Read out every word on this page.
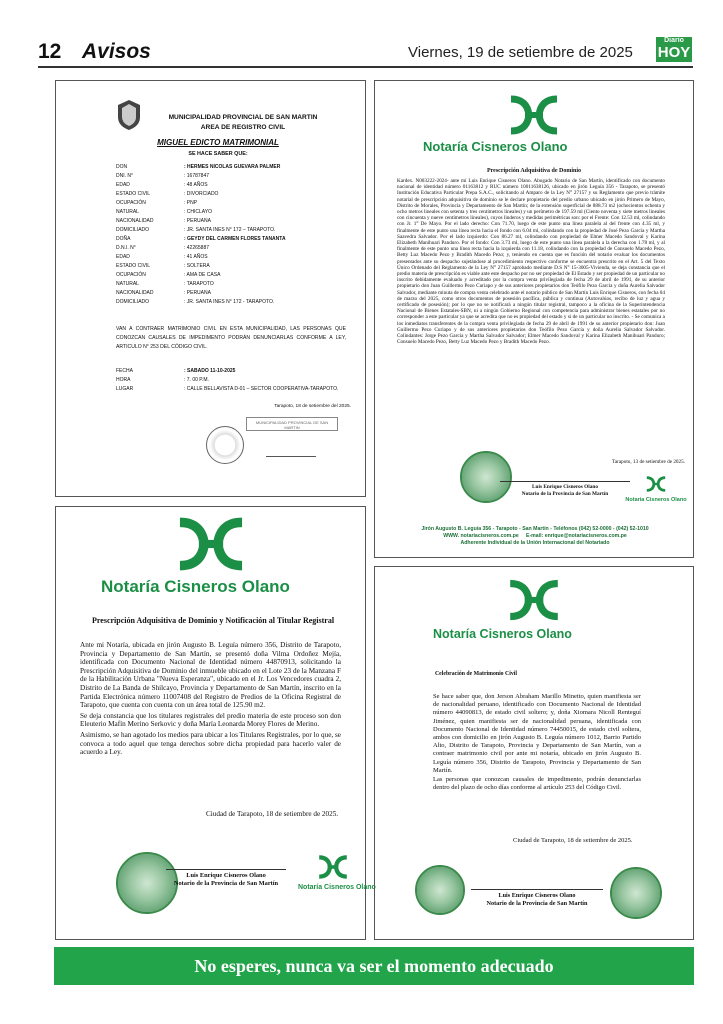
12 Avisos	Viernes, 19 de setiembre de 2025
Diario
HOY
MUNICIPALIDAD PROVINCIAL DE SAN MARTIN
AREA DE REGISTRO CIVIL
MIGUEL EDICTO MATRIMONIAL
SE HACE SABER QUE:
DON	: HERMES NICOLAS GUEVARA PALMER
DNI. N°	: 16787847
EDAD	: 48 AÑOS
ESTADO CIVIL	: DIVORCIADO
OCUPACIÓN	: PNP
NATURAL	: CHICLAYO
NACIONALIDAD	: PERUANA
DOMICILIADO	: JR. SANTA INES N° 172 – TARAPOTO.
DOÑA	: GEYDY DEL CARMEN FLORES TANANTA
D.N.I. N°	: 42265887
EDAD	: 41 AÑOS
ESTADO CIVIL	: SOLTERA
OCUPACIÓN	: AMA DE CASA
NATURAL	: TARAPOTO
NACIONALIDAD	: PERUANA
DOMICILIADO	: JR. SANTA INES N° 172 - TARAPOTO.
VAN A CONTRAER MATRIMONIO CIVIL EN ESTA MUNICIPALIDAD, LAS PERSONAS QUE CONOZCAN CAUSALES DE IMPEDIMENTO PODRÁN DENUNCIARLAS CONFORME A LEY, ARTICULO N° 253 DEL CÓDIGO CIVIL.
FECHA	: SABADO 11-10-2025
HORA	: 7. 00 P.M.
LUGAR	: CALLE BELLAVISTA D-01 – SECTOR COOPERATIVA-TARAPOTO.
Tarapoto, 18 de setiembre del 2025.
MUNICIPALIDAD PROVINCIAL DE SAN MARTIN
Notaría Cisneros Olano
Prescripción Adquisitiva de Dominio
Kardex. N003222-2024- ante mí Luis Enrique Cisneros Olano. Abogado Notario de San Martín, identificado con documento nacional de identidad número 01163812 y RUC número 10011638126, ubicado en jirón Leguía 356 - Tarapoto, se presentó Institución Educativa Particular Prepa S.A.C., solicitando al Amparo de la Ley N° 27157 y su Reglamento que previo trámite notarial de prescripción adquisitiva de dominio se le declare propietario del predio urbano ubicado en jirón Primero de Mayo, Distrito de Morales, Provincia y Departamento de San Martín; de la extensión superficial de 888.73 m2 (ochocientos ochenta y ocho metros lineales con setenta y tres centímetros lineales) y un perímetro de 197.59 ml (Ciento noventa y siete metros lineales con cincuenta y nueve centímetros lineales), cuyos linderos y medidas perimétricas son: por el Frente: Con 12.53 ml, colindando con Jr. 1° De Mayo. Por el lado derecho: Con 71.70, luego de este punto una línea paralela al del frente con 4.35 ml, y finalmente de este punto una línea recta hacia el fondo con 6.04 ml, colindando con la propiedad de José Pezo García y Martha Saavedra Salvador. Por el lado izquierdo: Con 86.27 ml, colindando con propiedad de Elmer Macedo Sandoval y Karina Elizabeth Manihuari Panduro. Por el fondo: Con 3.73 ml, luego de este punto una línea paralela a la derecha con 1.78 ml, y al finalmente de este punto una línea recta hacia la izquierda con 11.18, colindando con la propiedad de Consuelo Macedo Pezo, Betty Luz Macedo Pezo y Bradith Macedo Pezo; y, teniendo en cuenta que es función del notario evaluar los documentos presentados ante su despacho sujetándose al procedimiento respectivo conforme se encuentra prescrito en el Art. 5 del Texto Único Ordenado del Reglamento de la Ley N° 27157 aprobado mediante D.S N° 15-3005-Vivienda, se deja constancia que el predio materia de prescripción es viable ante este despacho por no ser propiedad de El Estado y ser propiedad de un particular no inscrito debidamente evaluado y acreditado por la compra venta privilegiada de fecha 29 de abril de 1991, de su anterior propietario don Juan Guillermo Pezo Curiapo y de sus anteriores propietarios don Teófilo Pezo García y doña Aurelia Salvador Salvador, mediante minuta de compra venta celebrado ante el notario público de San Martín Luis Enrique Cisneros, con fecha 04 de marzo del 2025, como otros documentos de posesión pacífica, pública y continua (Autovalúos, recibo de luz y agua y certificado de posesión); por lo que no se notificará a ningún titular registral, tampoco a la oficina de la Superintendencia Nacional de Bienes Estatales-SBN, ni a ningún Gobierno Regional con competencia para administrar bienes estatales por no corresponder a este particular ya que se acredita que no es propiedad del estado y si de un particular no inscrito. - Se comunica a los inmediatos transferentes de la compra venta privilegiada de fecha 29 de abril de 1991 de su anterior propietario don: Juan Guillermo Pezo Curiapo y de sus anteriores propietarios don Teófilo Pezo García y doña Aurelia Salvador Salvador. Colindantes: Jorge Pezo García y Martha Salvador Salvador; Elmer Macedo Sandoval y Karina Elizabeth Manihuari Panduro; Consuelo Macedo Pezo, Betty Luz Macedo Pezo y Bradith Macedo Pezo.
Tarapoto, 13 de setiembre de 2025.
Luis Enrique Cisneros Olano
Notario de la Provincia de San Martín
Notaría Cisneros Olano
Jirón Augusto B. Leguía 356 - Tarapoto - San Martín - Teléfonos (042) 52-0000 - (042) 52-1010
WWW. notariacisneros.com.pe E-mail: enrique@notariacisneros.com.pe
Adherente Individual de la Unión Internacional del Notariado
Notaría Cisneros Olano
Prescripción Adquisitiva de Dominio y Notificación al Titular Registral
Ante mi Notaría, ubicada en jirón Augusto B. Leguía número 356, Distrito de Tarapoto, Provincia y Departamento de San Martín, se presentó doña Vilma Ordoñez Mejía, identificada con Documento Nacional de Identidad número 44870913, solicitando la Prescripción Adquisitiva de Dominio del inmueble ubicado en el Lote 23 de la Manzana F de la Habilitación Urbana "Nueva Esperanza", ubicado en el Jr. Los Vencedores cuadra 2, Distrito de La Banda de Shilcayo, Provincia y Departamento de San Martín, inscrito en la Partida Electrónica número 11007408 del Registro de Predios de la Oficina Registral de Tarapoto, que cuenta con cuenta con un área total de 125.90 m2.
Se deja constancia que los titulares registrales del predio materia de este proceso son don Eleuterio Mafín Merino Serkovic y doña María Leonarda Morey Flores de Merino.
Asimismo, se han agotado los medios para ubicar a los Titulares Registrales, por lo que, se convoca a todo aquel que tenga derechos sobre dicha propiedad para hacerlo valer de acuerdo a Ley.
Ciudad de Tarapoto, 18 de setiembre de 2025.
Luis Enrique Cisneros Olano
Notario de la Provincia de San Martín
Notaría Cisneros Olano
Notaría Cisneros Olano
Celebración de Matrimonio Civil
Se hace saber que, don Jerson Abraham Marillo Minetto, quien manifiesta ser de nacionalidad peruano, identificado con Documento Nacional de Identidad número 44090813, de estado civil soltero; y, doña Xiomara Nicoll Renteguí Jiménez, quien manifiesta ser de nacionalidad peruana, identificada con Documento Nacional de Identidad número 74450015, de estado civil soltera, ambos con domicilio en jirón Augusto B. Leguía número 1012, Barrio Partido Alto, Distrito de Tarapoto, Provincia y Departamento de San Martín, van a contraer matrimonio civil por ante mi notaría, ubicado en jirón Augusto B. Leguía número 356, Distrito de Tarapoto, Provincia y Departamento de San Martín.
Las personas que conozcan causales de impedimento, podrán denunciarlas dentro del plazo de ocho días conforme al artículo 253 del Código Civil.
Ciudad de Tarapoto, 18 de setiembre de 2025.
Luis Enrique Cisneros Olano
Notario de la Provincia de San Martín
No esperes, nunca va ser el momento adecuado
